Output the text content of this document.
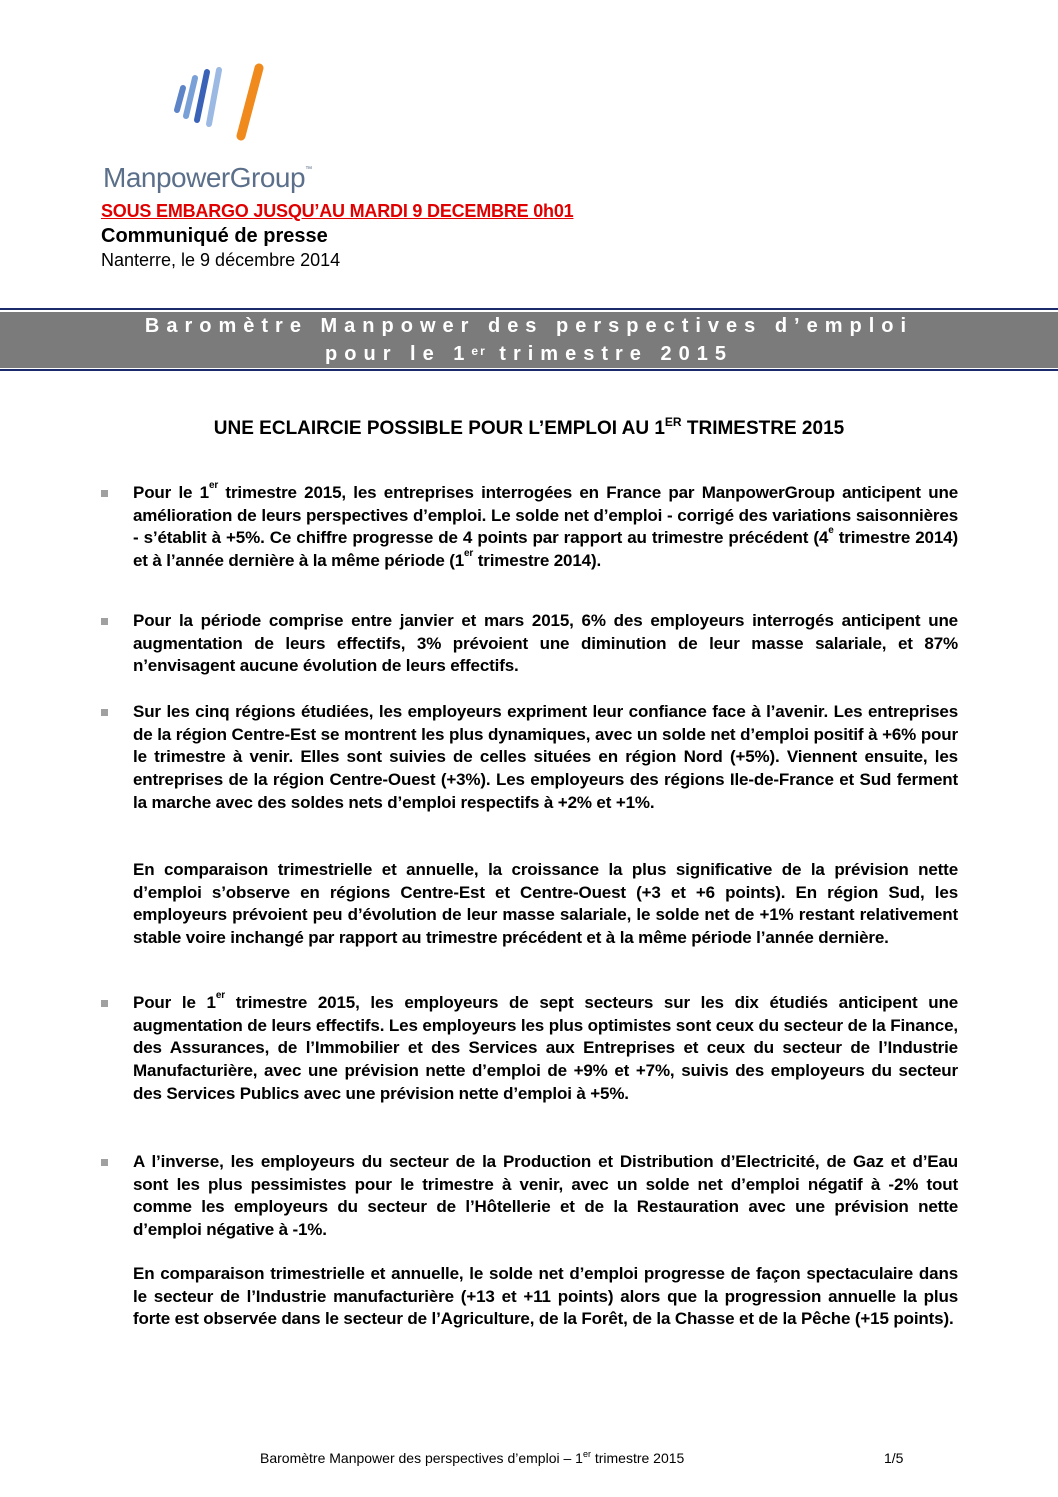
ManpowerGroup™
SOUS EMBARGO JUSQU’AU MARDI 9 DECEMBRE 0h01
Communiqué de presse
Nanterre, le 9 décembre 2014
Baromètre Manpower des perspectives d’emploi
pour le 1er trimestre 2015
UNE ECLAIRCIE POSSIBLE POUR L’EMPLOI AU 1ER TRIMESTRE 2015
Pour le 1er trimestre 2015, les entreprises interrogées en France par ManpowerGroup anticipent une amélioration de leurs perspectives d’emploi. Le solde net d’emploi - corrigé des variations saisonnières - s’établit à +5%. Ce chiffre progresse de 4 points par rapport au trimestre précédent (4e trimestre 2014) et à l’année dernière à la même période (1er trimestre 2014).
Pour la période comprise entre janvier et mars 2015, 6% des employeurs interrogés anticipent une augmentation de leurs effectifs, 3% prévoient une diminution de leur masse salariale, et 87% n’envisagent aucune évolution de leurs effectifs.
Sur les cinq régions étudiées, les employeurs expriment leur confiance face à l’avenir. Les entreprises de la région Centre-Est se montrent les plus dynamiques, avec un solde net d’emploi positif à +6% pour le trimestre à venir. Elles sont suivies de celles situées en région Nord (+5%). Viennent ensuite, les entreprises de la région Centre-Ouest (+3%). Les employeurs des régions Ile-de-France et Sud ferment la marche avec des soldes nets d’emploi respectifs à +2% et +1%.
En comparaison trimestrielle et annuelle, la croissance la plus significative de la prévision nette d’emploi s’observe en régions Centre-Est et Centre-Ouest (+3 et +6 points). En région Sud, les employeurs prévoient peu d’évolution de leur masse salariale, le solde net de +1% restant relativement stable voire inchangé par rapport au trimestre précédent et à la même période l’année dernière.
Pour le 1er trimestre 2015, les employeurs de sept secteurs sur les dix étudiés anticipent une augmentation de leurs effectifs. Les employeurs les plus optimistes sont ceux du secteur de la Finance, des Assurances, de l’Immobilier et des Services aux Entreprises et ceux du secteur de l’Industrie Manufacturière, avec une prévision nette d’emploi de +9% et +7%, suivis des employeurs du secteur des Services Publics avec une prévision nette d’emploi à +5%.
A l’inverse, les employeurs du secteur de la Production et Distribution d’Electricité, de Gaz et d’Eau sont les plus pessimistes pour le trimestre à venir, avec un solde net d’emploi négatif à -2% tout comme les employeurs du secteur de l’Hôtellerie et de la Restauration avec une prévision nette d’emploi négative à -1%.
En comparaison trimestrielle et annuelle, le solde net d’emploi progresse de façon spectaculaire dans le secteur de l’Industrie manufacturière (+13 et +11 points) alors que la progression annuelle la plus forte est observée dans le secteur de l’Agriculture, de la Forêt, de la Chasse et de la Pêche (+15 points).
Baromètre Manpower des perspectives d’emploi – 1er trimestre 2015	1/5
